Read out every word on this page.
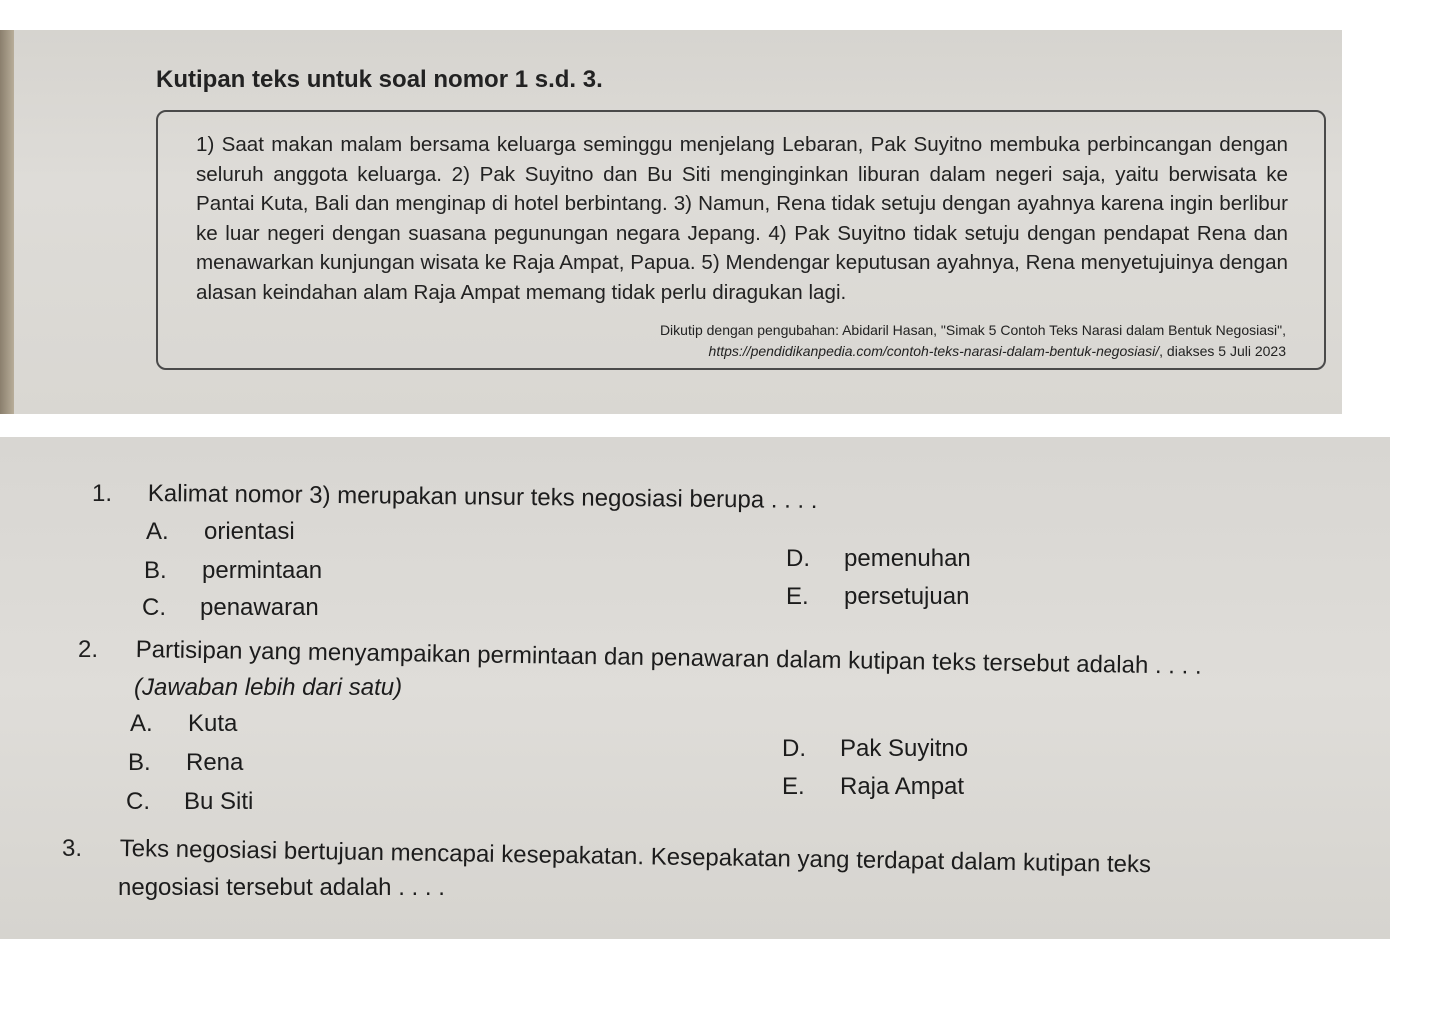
Kutipan teks untuk soal nomor 1 s.d. 3.
1) Saat makan malam bersama keluarga seminggu menjelang Lebaran, Pak Suyitno membuka perbincangan dengan seluruh anggota keluarga. 2) Pak Suyitno dan Bu Siti menginginkan liburan dalam negeri saja, yaitu berwisata ke Pantai Kuta, Bali dan menginap di hotel berbintang. 3) Namun, Rena tidak setuju dengan ayahnya karena ingin berlibur ke luar negeri dengan suasana pegunungan negara Jepang. 4) Pak Suyitno tidak setuju dengan pendapat Rena dan menawarkan kunjungan wisata ke Raja Ampat, Papua. 5) Mendengar keputusan ayahnya, Rena menyetujuinya dengan alasan keindahan alam Raja Ampat memang tidak perlu diragukan lagi.
Dikutip dengan pengubahan: Abidaril Hasan, "Simak 5 Contoh Teks Narasi dalam Bentuk Negosiasi",
https://pendidikanpedia.com/contoh-teks-narasi-dalam-bentuk-negosiasi/, diakses 5 Juli 2023
1. Kalimat nomor 3) merupakan unsur teks negosiasi berupa . . . .
A. orientasi
B. permintaan
C. penawaran
D. pemenuhan
E. persetujuan
2. Partisipan yang menyampaikan permintaan dan penawaran dalam kutipan teks tersebut adalah . . . .
(Jawaban lebih dari satu)
A. Kuta
B. Rena
C. Bu Siti
D. Pak Suyitno
E. Raja Ampat
3. Teks negosiasi bertujuan mencapai kesepakatan. Kesepakatan yang terdapat dalam kutipan teks
negosiasi tersebut adalah . . . .
